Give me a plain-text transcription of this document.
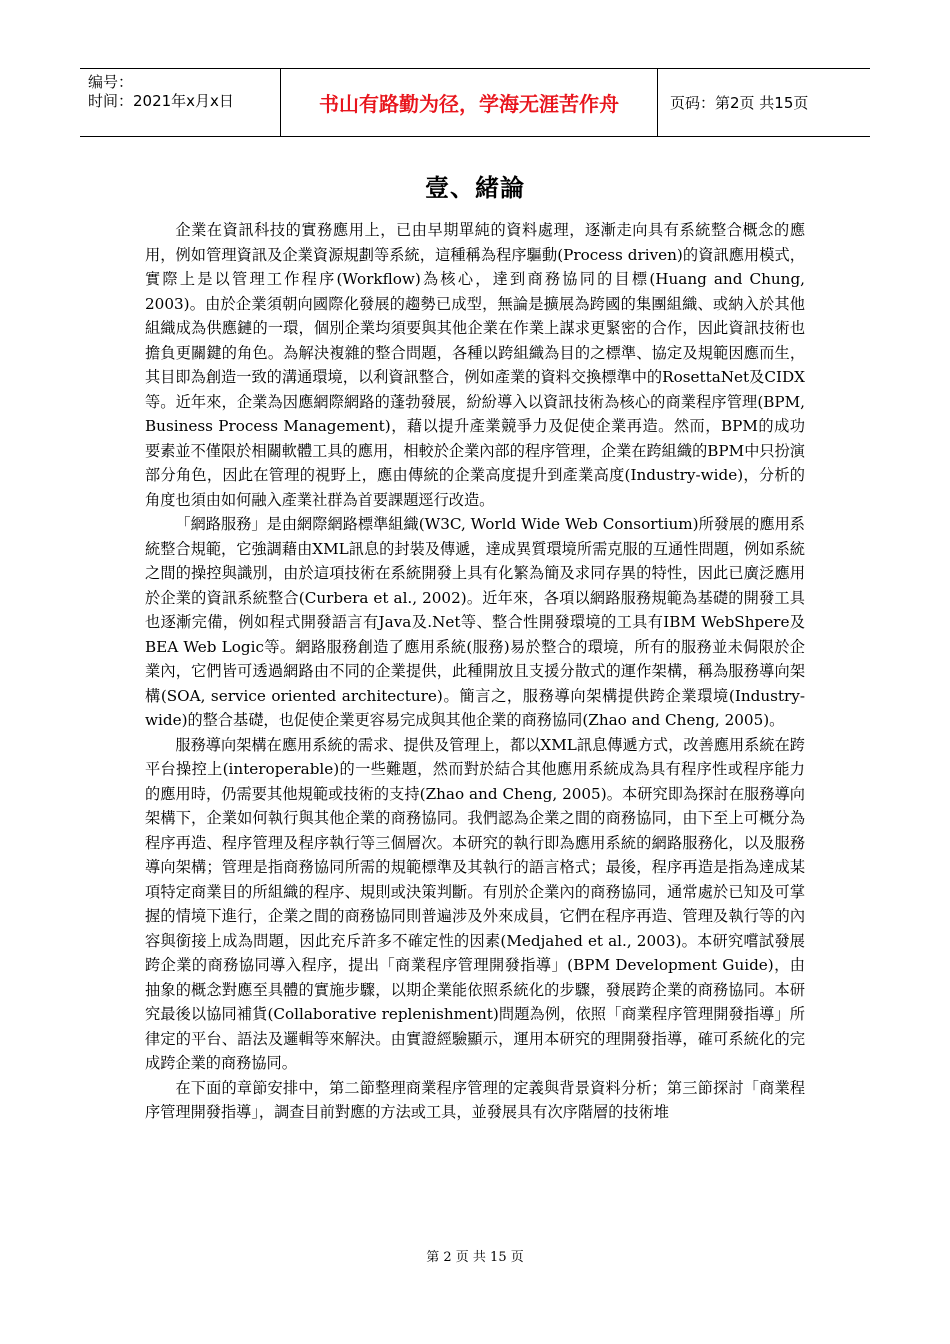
编号：
时间：2021年x月x日	书山有路勤为径，学海无涯苦作舟	页码：第2页 共15页
壹、緒論

企業在資訊科技的實務應用上，已由早期單純的資料處理，逐漸走向具有系統整合概念的應用，例如管理資訊及企業資源規劃等系統，這種稱為程序驅動(Process driven)的資訊應用模式，實際上是以管理工作程序(Workflow)為核心，達到商務協同的目標(Huang and Chung, 2003)。由於企業須朝向國際化發展的趨勢已成型，無論是擴展為跨國的集團組織、或納入於其他組織成為供應鏈的一環，個別企業均須要與其他企業在作業上謀求更緊密的合作，因此資訊技術也擔負更關鍵的角色。為解決複雜的整合問題，各種以跨組織為目的之標準、協定及規範因應而生，其目即為創造一致的溝通環境，以利資訊整合，例如產業的資料交換標準中的RosettaNet及CIDX等。近年來，企業為因應網際網路的蓬勃發展，紛紛導入以資訊技術為核心的商業程序管理(BPM, Business Process Management)，藉以提升產業競爭力及促使企業再造。然而，BPM的成功要素並不僅限於相關軟體工具的應用，相較於企業內部的程序管理，企業在跨組織的BPM中只扮演部分角色，因此在管理的視野上，應由傳統的企業高度提升到產業高度(Industry-wide)，分析的角度也須由如何融入產業社群為首要課題逕行改造。

「網路服務」是由網際網路標準組織(W3C, World Wide Web Consortium)所發展的應用系統整合規範，它強調藉由XML訊息的封裝及傳遞，達成異質環境所需克服的互通性問題，例如系統之間的操控與識別，由於這項技術在系統開發上具有化繁為簡及求同存異的特性，因此已廣泛應用於企業的資訊系統整合(Curbera et al., 2002)。近年來，各項以網路服務規範為基礎的開發工具也逐漸完備，例如程式開發語言有Java及.Net等、整合性開發環境的工具有IBM WebShpere及BEA Web Logic等。網路服務創造了應用系統(服務)易於整合的環境，所有的服務並未侷限於企業內，它們皆可透過網路由不同的企業提供，此種開放且支援分散式的運作架構，稱為服務導向架構(SOA, service oriented architecture)。簡言之，服務導向架構提供跨企業環境(Industry-wide)的整合基礎，也促使企業更容易完成與其他企業的商務協同(Zhao and Cheng, 2005)。

服務導向架構在應用系統的需求、提供及管理上，都以XML訊息傳遞方式，改善應用系統在跨平台操控上(interoperable)的一些難題，然而對於結合其他應用系統成為具有程序性或程序能力的應用時，仍需要其他規範或技術的支持(Zhao and Cheng, 2005)。本研究即為探討在服務導向架構下，企業如何執行與其他企業的商務協同。我們認為企業之間的商務協同，由下至上可概分為程序再造、程序管理及程序執行等三個層次。本研究的執行即為應用系統的網路服務化，以及服務導向架構；管理是指商務協同所需的規範標準及其執行的語言格式；最後，程序再造是指為達成某項特定商業目的所組織的程序、規則或決策判斷。有別於企業內的商務協同，通常處於已知及可掌握的情境下進行，企業之間的商務協同則普遍涉及外來成員，它們在程序再造、管理及執行等的內容與銜接上成為問題，因此充斥許多不確定性的因素(Medjahed et al., 2003)。本研究嚐試發展跨企業的商務協同導入程序，提出「商業程序管理開發指導」(BPM Development Guide)，由抽象的概念對應至具體的實施步驟，以期企業能依照系統化的步驟，發展跨企業的商務協同。本研究最後以協同補貨(Collaborative replenishment)問題為例，依照「商業程序管理開發指導」所律定的平台、語法及邏輯等來解決。由實證經驗顯示，運用本研究的理開發指導，確可系統化的完成跨企業的商務協同。

在下面的章節安排中，第二節整理商業程序管理的定義與背景資料分析；第三節探討「商業程序管理開發指導」，調查目前對應的方法或工具，並發展具有次序階層的技術堆

第 2 页 共 15 页
